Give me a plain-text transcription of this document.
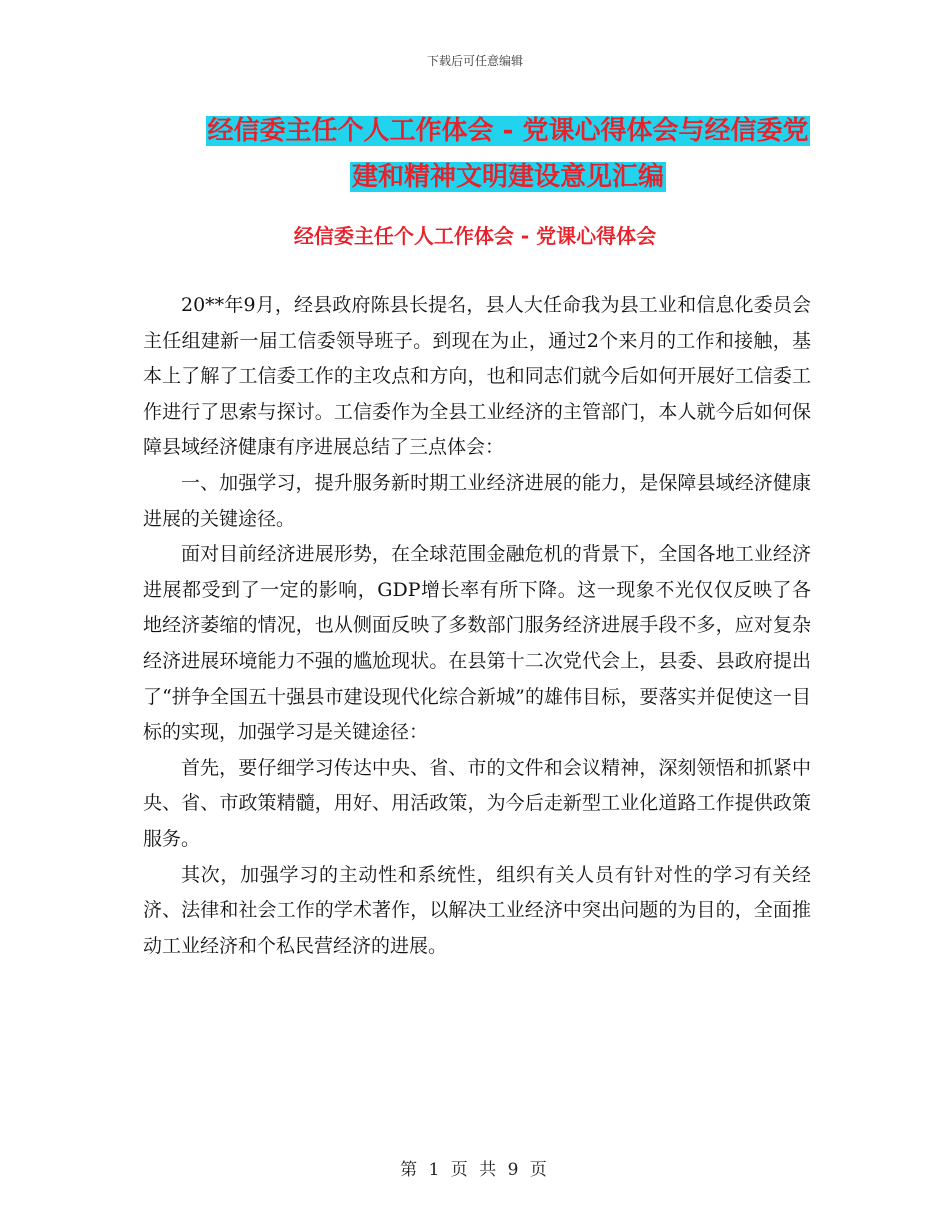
下载后可任意编辑
经信委主任个人工作体会 - 党课心得体会与经信委党
建和精神文明建设意见汇编
经信委主任个人工作体会 - 党课心得体会

20**年9月，经县政府陈县长提名，县人大任命我为县工业和信息化委员会主任组建新一届工信委领导班子。到现在为止，通过2个来月的工作和接触，基本上了解了工信委工作的主攻点和方向，也和同志们就今后如何开展好工信委工作进行了思索与探讨。工信委作为全县工业经济的主管部门，本人就今后如何保障县域经济健康有序进展总结了三点体会：

一、加强学习，提升服务新时期工业经济进展的能力，是保障县域经济健康进展的关键途径。

面对目前经济进展形势，在全球范围金融危机的背景下，全国各地工业经济进展都受到了一定的影响，GDP增长率有所下降。这一现象不光仅仅反映了各地经济萎缩的情况，也从侧面反映了多数部门服务经济进展手段不多，应对复杂经济进展环境能力不强的尴尬现状。在县第十二次党代会上，县委、县政府提出了“拼争全国五十强县市建设现代化综合新城”的雄伟目标，要落实并促使这一目标的实现，加强学习是关键途径：

首先，要仔细学习传达中央、省、市的文件和会议精神，深刻领悟和抓紧中央、省、市政策精髓，用好、用活政策，为今后走新型工业化道路工作提供政策服务。

其次，加强学习的主动性和系统性，组织有关人员有针对性的学习有关经济、法律和社会工作的学术著作，以解决工业经济中突出问题的为目的，全面推动工业经济和个私民营经济的进展。

第 1 页 共 9 页
